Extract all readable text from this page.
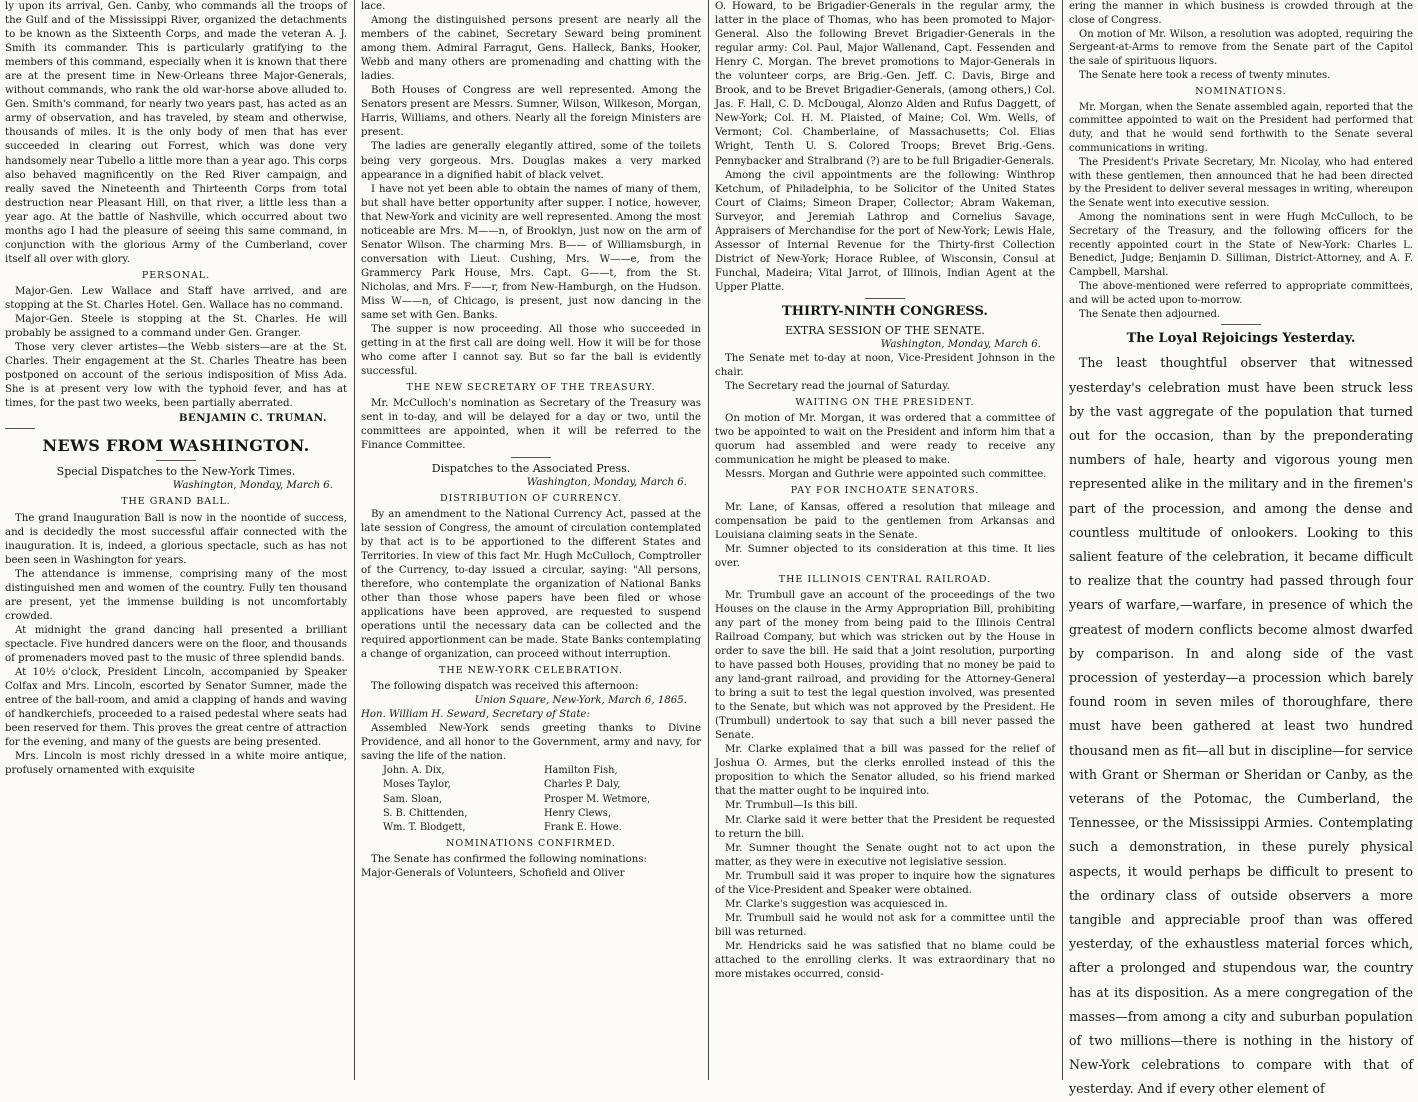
ly upon its arrival, Gen. Canby, who commands all the troops of the Gulf and of the Mississippi River, organized the detachments to be known as the Sixteenth Corps, and made the veteran A. J. Smith its commander. This is particularly gratifying to the members of this command, especially when it is known that there are at the present time in New-Orleans three Major-Generals, without commands, who rank the old war-horse above alluded to. Gen. Smith's command, for nearly two years past, has acted as an army of observation, and has traveled, by steam and otherwise, thousands of miles. It is the only body of men that has ever succeeded in clearing out Forrest, which was done very handsomely near Tubello a little more than a year ago. This corps also behaved magnificently on the Red River campaign, and really saved the Nineteenth and Thirteenth Corps from total destruction near Pleasant Hill, on that river, a little less than a year ago. At the battle of Nashville, which occurred about two months ago I had the pleasure of seeing this same command, in conjunction with the glorious Army of the Cumberland, cover itself all over with glory.

PERSONAL.

Major-Gen. Lew Wallace and Staff have arrived, and are stopping at the St. Charles Hotel. Gen. Wallace has no command.

Major-Gen. Steele is stopping at the St. Charles. He will probably be assigned to a command under Gen. Granger.

Those very clever artistes—the Webb sisters—are at the St. Charles. Their engagement at the St. Charles Theatre has been postponed on account of the serious indisposition of Miss Ada. She is at present very low with the typhoid fever, and has at times, for the past two weeks, been partially aberrated.

BENJAMIN C. TRUMAN.

NEWS FROM WASHINGTON.

Special Dispatches to the New-York Times.

Washington, Monday, March 6.

THE GRAND BALL.

The grand Inauguration Ball is now in the noontide of success, and is decidedly the most successful affair connected with the inauguration. It is, indeed, a glorious spectacle, such as has not been seen in Washington for years.

The attendance is immense, comprising many of the most distinguished men and women of the country. Fully ten thousand are present, yet the immense building is not uncomfortably crowded.

At midnight the grand dancing hall presented a brilliant spectacle. Five hundred dancers were on the floor, and thousands of promenaders moved past to the music of three splendid bands.

At 10½ o'clock, President Lincoln, accompanied by Speaker Colfax and Mrs. Lincoln, escorted by Senator Sumner, made the entree of the ball-room, and amid a clapping of hands and waving of handkerchiefs, proceeded to a raised pedestal where seats had been reserved for them. This proves the great centre of attraction for the evening, and many of the guests are being presented.

Mrs. Lincoln is most richly dressed in a white moire antique, profusely ornamented with exquisite

lace.

Among the distinguished persons present are nearly all the members of the cabinet, Secretary Seward being prominent among them. Admiral Farragut, Gens. Halleck, Banks, Hooker, Webb and many others are promenading and chatting with the ladies.

Both Houses of Congress are well represented. Among the Senators present are Messrs. Sumner, Wilson, Wilkeson, Morgan, Harris, Williams, and others. Nearly all the foreign Ministers are present.

The ladies are generally elegantly attired, some of the toilets being very gorgeous. Mrs. Douglas makes a very marked appearance in a dignified habit of black velvet.

I have not yet been able to obtain the names of many of them, but shall have better opportunity after supper. I notice, however, that New-York and vicinity are well represented. Among the most noticeable are Mrs. M——n, of Brooklyn, just now on the arm of Senator Wilson. The charming Mrs. B—— of Williamsburgh, in conversation with Lieut. Cushing, Mrs. W——e, from the Grammercy Park House, Mrs. Capt. G——t, from the St. Nicholas, and Mrs. F——r, from New-Hamburgh, on the Hudson. Miss W——n, of Chicago, is present, just now dancing in the same set with Gen. Banks.

The supper is now proceeding. All those who succeeded in getting in at the first call are doing well. How it will be for those who come after I cannot say. But so far the ball is evidently successful.

THE NEW SECRETARY OF THE TREASURY.

Mr. McCulloch's nomination as Secretary of the Treasury was sent in to-day, and will be delayed for a day or two, until the committees are appointed, when it will be referred to the Finance Committee.

Dispatches to the Associated Press.

Washington, Monday, March 6.

DISTRIBUTION OF CURRENCY.

By an amendment to the National Currency Act, passed at the late session of Congress, the amount of circulation contemplated by that act is to be apportioned to the different States and Territories. In view of this fact Mr. Hugh McCulloch, Comptroller of the Currency, to-day issued a circular, saying: "All persons, therefore, who contemplate the organization of National Banks other than those whose papers have been filed or whose applications have been approved, are requested to suspend operations until the necessary data can be collected and the required apportionment can be made. State Banks contemplating a change of organization, can proceed without interruption.

THE NEW-YORK CELEBRATION.

The following dispatch was received this afternoon:

Union Square, New-York, March 6, 1865.

Hon. William H. Seward, Secretary of State:

Assembled New-York sends greeting thanks to Divine Providence, and all honor to the Government, army and navy, for saving the life of the nation.

John. A. Dix,	Hamilton Fish,
Moses Taylor,	Charles P. Daly,
Sam. Sloan,	Prosper M. Wetmore,
S. B. Chittenden,	Henry Clews,
Wm. T. Blodgett,	Frank E. Howe.

NOMINATIONS CONFIRMED.

The Senate has confirmed the following nominations:

Major-Generals of Volunteers, Schofield and Oliver

O. Howard, to be Brigadier-Generals in the regular army, the latter in the place of Thomas, who has been promoted to Major-General. Also the following Brevet Brigadier-Generals in the regular army: Col. Paul, Major Wallenand, Capt. Fessenden and Henry C. Morgan. The brevet promotions to Major-Generals in the volunteer corps, are Brig.-Gen. Jeff. C. Davis, Birge and Brook, and to be Brevet Brigadier-Generals, (among others,) Col. Jas. F. Hall, C. D. McDougal, Alonzo Alden and Rufus Daggett, of New-York; Col. H. M. Plaisted, of Maine; Col. Wm. Wells, of Vermont; Col. Chamberlaine, of Massachusetts; Col. Elias Wright, Tenth U. S. Colored Troops; Brevet Brig.-Gens. Pennybacker and Stralbrand (?) are to be full Brigadier-Generals.

Among the civil appointments are the following: Winthrop Ketchum, of Philadelphia, to be Solicitor of the United States Court of Claims; Simeon Draper, Collector; Abram Wakeman, Surveyor, and Jeremiah Lathrop and Cornelius Savage, Appraisers of Merchandise for the port of New-York; Lewis Hale, Assessor of Internal Revenue for the Thirty-first Collection District of New-York; Horace Rublee, of Wisconsin, Consul at Funchal, Madeira; Vital Jarrot, of Illinois, Indian Agent at the Upper Platte.

THIRTY-NINTH CONGRESS.

EXTRA SESSION OF THE SENATE.

Washington, Monday, March 6.

The Senate met to-day at noon, Vice-President Johnson in the chair.

The Secretary read the journal of Saturday.

WAITING ON THE PRESIDENT.

On motion of Mr. Morgan, it was ordered that a committee of two be appointed to wait on the President and inform him that a quorum had assembled and were ready to receive any communication he might be pleased to make.

Messrs. Morgan and Guthrie were appointed such committee.

PAY FOR INCHOATE SENATORS.

Mr. Lane, of Kansas, offered a resolution that mileage and compensation be paid to the gentlemen from Arkansas and Louisiana claiming seats in the Senate.

Mr. Sumner objected to its consideration at this time. It lies over.

THE ILLINOIS CENTRAL RAILROAD.

Mr. Trumbull gave an account of the proceedings of the two Houses on the clause in the Army Appropriation Bill, prohibiting any part of the money from being paid to the Illinois Central Railroad Company, but which was stricken out by the House in order to save the bill. He said that a joint resolution, purporting to have passed both Houses, providing that no money be paid to any land-grant railroad, and providing for the Attorney-General to bring a suit to test the legal question involved, was presented to the Senate, but which was not approved by the President. He (Trumbull) undertook to say that such a bill never passed the Senate.

Mr. Clarke explained that a bill was passed for the relief of Joshua O. Armes, but the clerks enrolled instead of this the proposition to which the Senator alluded, so his friend marked that the matter ought to be inquired into.

Mr. Trumbull—Is this bill.

Mr. Clarke said it were better that the President be requested to return the bill.

Mr. Sumner thought the Senate ought not to act upon the matter, as they were in executive not legislative session.

Mr. Trumbull said it was proper to inquire how the signatures of the Vice-President and Speaker were obtained.

Mr. Clarke's suggestion was acquiesced in.

Mr. Trumbull said he would not ask for a committee until the bill was returned.

Mr. Hendricks said he was satisfied that no blame could be attached to the enrolling clerks. It was extraordinary that no more mistakes occurred, consid-

ering the manner in which business is crowded through at the close of Congress.

On motion of Mr. Wilson, a resolution was adopted, requiring the Sergeant-at-Arms to remove from the Senate part of the Capitol the sale of spirituous liquors.

The Senate here took a recess of twenty minutes.

NOMINATIONS.

Mr. Morgan, when the Senate assembled again, reported that the committee appointed to wait on the President had performed that duty, and that he would send forthwith to the Senate several communications in writing.

The President's Private Secretary, Mr. Nicolay, who had entered with these gentlemen, then announced that he had been directed by the President to deliver several messages in writing, whereupon the Senate went into executive session.

Among the nominations sent in were Hugh McCulloch, to be Secretary of the Treasury, and the following officers for the recently appointed court in the State of New-York: Charles L. Benedict, Judge; Benjamin D. Silliman, District-Attorney, and A. F. Campbell, Marshal.

The above-mentioned were referred to appropriate committees, and will be acted upon to-morrow.

The Senate then adjourned.

The Loyal Rejoicings Yesterday.

The least thoughtful observer that witnessed yesterday's celebration must have been struck less by the vast aggregate of the population that turned out for the occasion, than by the preponderating numbers of hale, hearty and vigorous young men represented alike in the military and in the firemen's part of the procession, and among the dense and countless multitude of onlookers. Looking to this salient feature of the celebration, it became difficult to realize that the country had passed through four years of warfare,—warfare, in presence of which the greatest of modern conflicts become almost dwarfed by comparison. In and along side of the vast procession of yesterday—a procession which barely found room in seven miles of thoroughfare, there must have been gathered at least two hundred thousand men as fit—all but in discipline—for service with Grant or Sherman or Sheridan or Canby, as the veterans of the Potomac, the Cumberland, the Tennessee, or the Mississippi Armies. Contemplating such a demonstration, in these purely physical aspects, it would perhaps be difficult to present to the ordinary class of outside observers a more tangible and appreciable proof than was offered yesterday, of the exhaustless material forces which, after a prolonged and stupendous war, the country has at its disposition. As a mere congregation of the masses—from among a city and suburban population of two millions—there is nothing in the history of New-York celebrations to compare with that of yesterday. And if every other element of
